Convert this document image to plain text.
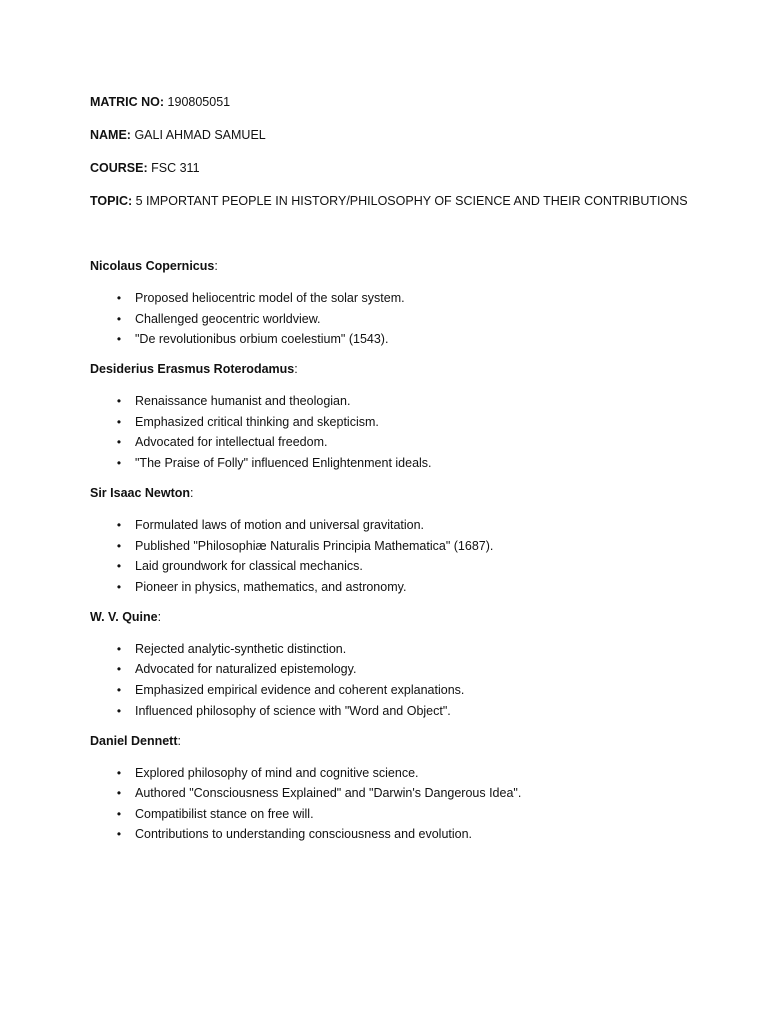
MATRIC NO: 190805051

NAME: GALI AHMAD SAMUEL

COURSE: FSC 311

TOPIC: 5 IMPORTANT PEOPLE IN HISTORY/PHILOSOPHY OF SCIENCE AND THEIR CONTRIBUTIONS

Nicolaus Copernicus:

• Proposed heliocentric model of the solar system.
• Challenged geocentric worldview.
• "De revolutionibus orbium coelestium" (1543).

Desiderius Erasmus Roterodamus:

• Renaissance humanist and theologian.
• Emphasized critical thinking and skepticism.
• Advocated for intellectual freedom.
• "The Praise of Folly" influenced Enlightenment ideals.

Sir Isaac Newton:

• Formulated laws of motion and universal gravitation.
• Published "Philosophiæ Naturalis Principia Mathematica" (1687).
• Laid groundwork for classical mechanics.
• Pioneer in physics, mathematics, and astronomy.

W. V. Quine:

• Rejected analytic-synthetic distinction.
• Advocated for naturalized epistemology.
• Emphasized empirical evidence and coherent explanations.
• Influenced philosophy of science with "Word and Object".

Daniel Dennett:

• Explored philosophy of mind and cognitive science.
• Authored "Consciousness Explained" and "Darwin's Dangerous Idea".
• Compatibilist stance on free will.
• Contributions to understanding consciousness and evolution.
